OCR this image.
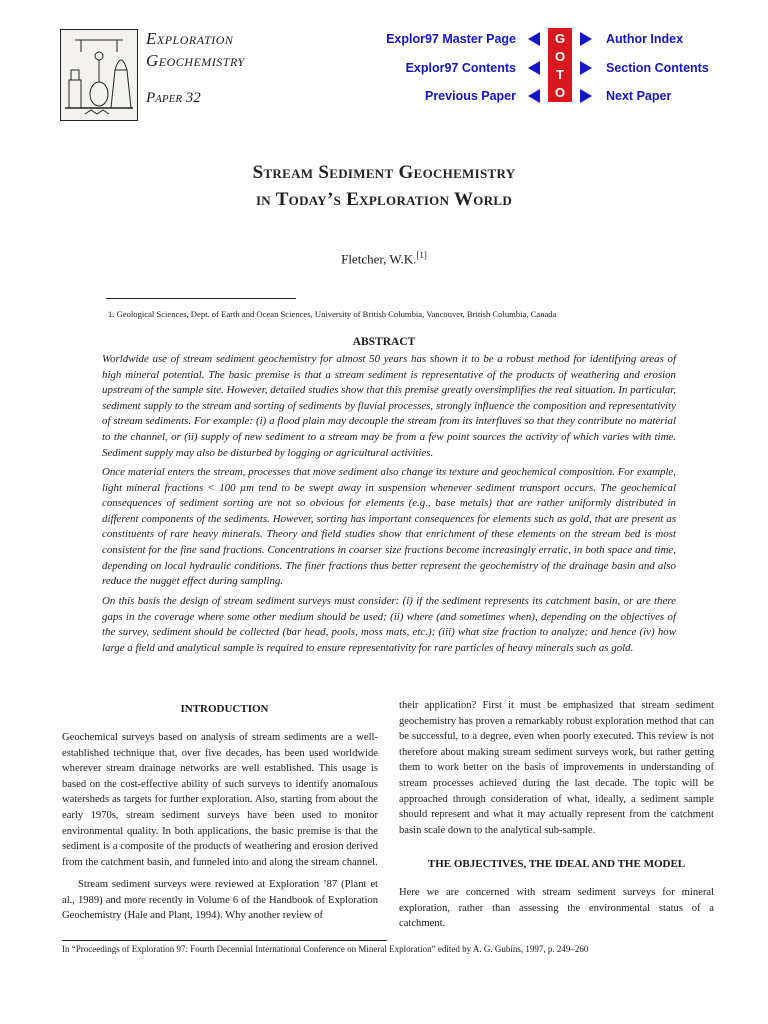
Exploration
Geochemistry
Paper 32
Explor97 Master Page
Explor97 Contents
Previous Paper
G
O
T
O
Author Index
Section Contents
Next Paper
Stream Sediment Geochemistry
in Today’s Exploration World
Fletcher, W.K.[1]
1. Geological Sciences, Dept. of Earth and Ocean Sciences, University of British Columbia, Vancouver, British Columbia, Canada
ABSTRACT
Worldwide use of stream sediment geochemistry for almost 50 years has shown it to be a robust method for identifying areas of high mineral potential. The basic premise is that a stream sediment is representative of the products of weathering and erosion upstream of the sample site. However, detailed studies show that this premise greatly oversimplifies the real situation. In particular, sediment supply to the stream and sorting of sediments by fluvial processes, strongly influence the composition and representativity of stream sediments. For example: (i) a flood plain may decouple the stream from its interfluves so that they contribute no material to the channel, or (ii) supply of new sediment to a stream may be from a few point sources the activity of which varies with time. Sediment supply may also be disturbed by logging or agricultural activities.
Once material enters the stream, processes that move sediment also change its texture and geochemical composition. For example, light mineral fractions < 100 µm tend to be swept away in suspension whenever sediment transport occurs. The geochemical consequences of sediment sorting are not so obvious for elements (e.g., base metals) that are rather uniformly distributed in different components of the sediments. However, sorting has important consequences for elements such as gold, that are present as constituents of rare heavy minerals. Theory and field studies show that enrichment of these elements on the stream bed is most consistent for the fine sand fractions. Concentrations in coarser size fractions become increasingly erratic, in both space and time, depending on local hydraulic conditions. The finer fractions thus better represent the geochemistry of the drainage basin and also reduce the nugget effect during sampling.
On this basis the design of stream sediment surveys must consider: (i) if the sediment represents its catchment basin, or are there gaps in the coverage where some other medium should be used; (ii) where (and sometimes when), depending on the objectives of the survey, sediment should be collected (bar head, pools, moss mats, etc.); (iii) what size fraction to analyze; and hence (iv) how large a field and analytical sample is required to ensure representativity for rare particles of heavy minerals such as gold.
INTRODUCTION
Geochemical surveys based on analysis of stream sediments are a well-established technique that, over five decades, has been used worldwide wherever stream drainage networks are well established. This usage is based on the cost-effective ability of such surveys to identify anomalous watersheds as targets for further exploration. Also, starting from about the early 1970s, stream sediment surveys have been used to monitor environmental quality. In both applications, the basic premise is that the sediment is a composite of the products of weathering and erosion derived from the catchment basin, and funneled into and along the stream channel.
Stream sediment surveys were reviewed at Exploration ’87 (Plant et al., 1989) and more recently in Volume 6 of the Handbook of Exploration Geochemistry (Hale and Plant, 1994). Why another review of
their application? First it must be emphasized that stream sediment geochemistry has proven a remarkably robust exploration method that can be successful, to a degree, even when poorly executed. This review is not therefore about making stream sediment surveys work, but rather getting them to work better on the basis of improvements in understanding of stream processes achieved during the last decade. The topic will be approached through consideration of what, ideally, a sediment sample should represent and what it may actually represent from the catchment basin scale down to the analytical sub-sample.
THE OBJECTIVES, THE IDEAL AND THE MODEL
Here we are concerned with stream sediment surveys for mineral exploration, rather than assessing the environmental status of a catchment.
In “Proceedings of Exploration 97: Fourth Decennial International Conference on Mineral Exploration” edited by A. G. Gubins, 1997, p. 249–260
